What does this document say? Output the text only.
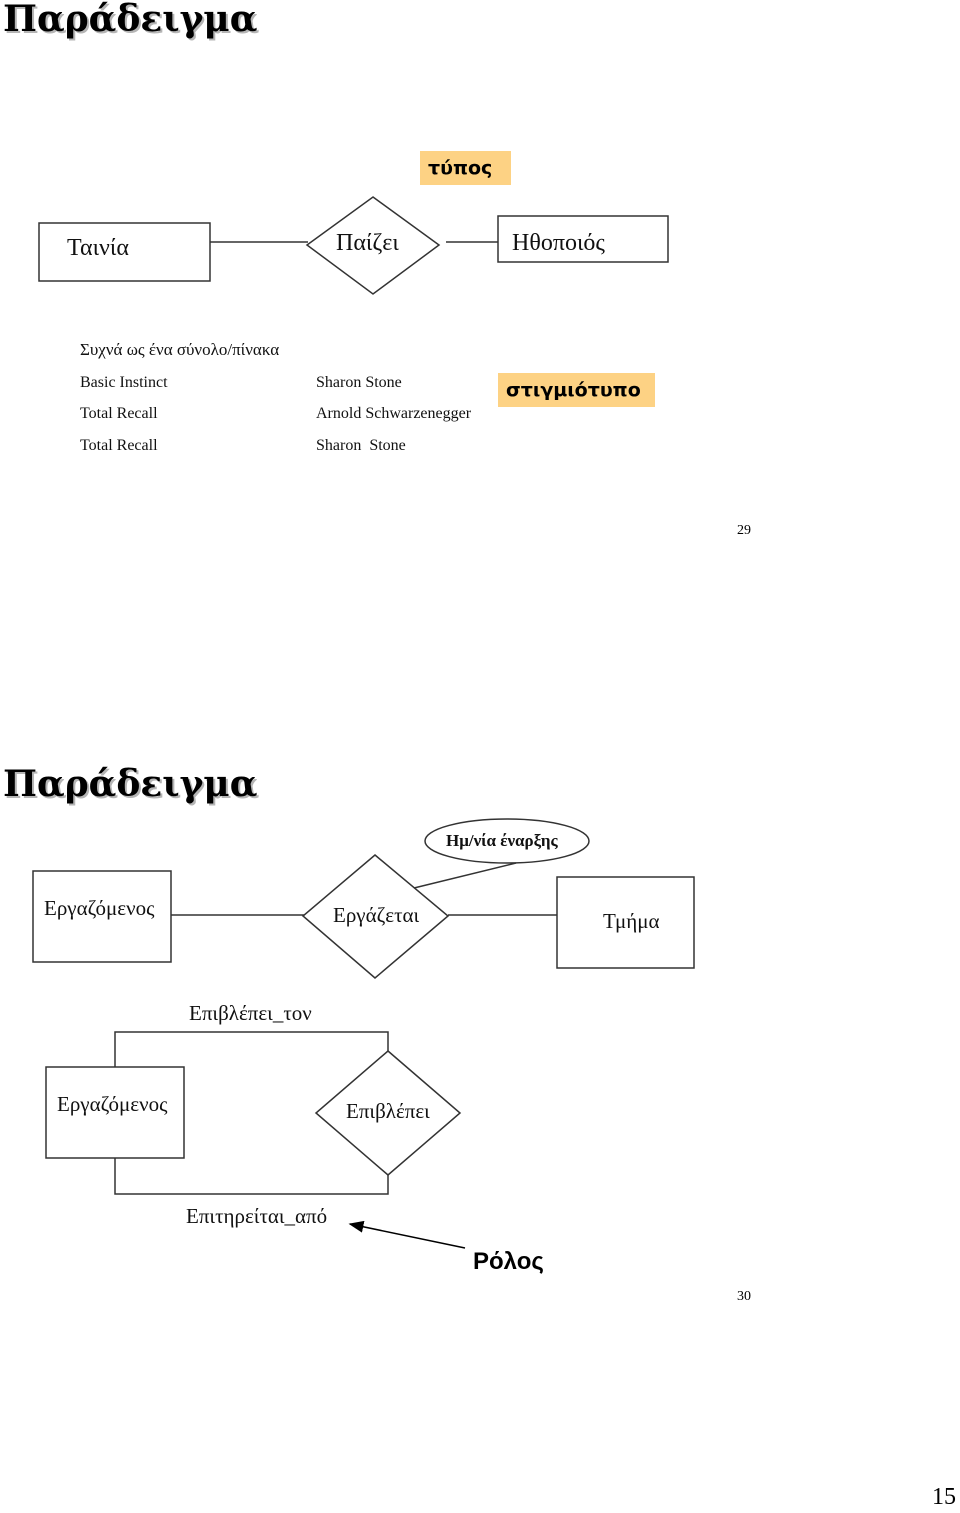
Παράδειγμα
τύπος
Ταινία	Παίζει	Ηθοποιός
Συχνά ως ένα σύνολο/πίνακα
Basic Instinct	Sharon Stone
Total Recall	Arnold Schwarzenegger
Total Recall	Sharon  Stone
στιγμιότυπο
29
Παράδειγμα
Ημ/νία έναρξης
Εργαζόμενος	Εργάζεται	Τμήμα
Επιβλέπει_τον
Εργαζόμενος	Επιβλέπει
Επιτηρείται_από
Ρόλος
30
15
